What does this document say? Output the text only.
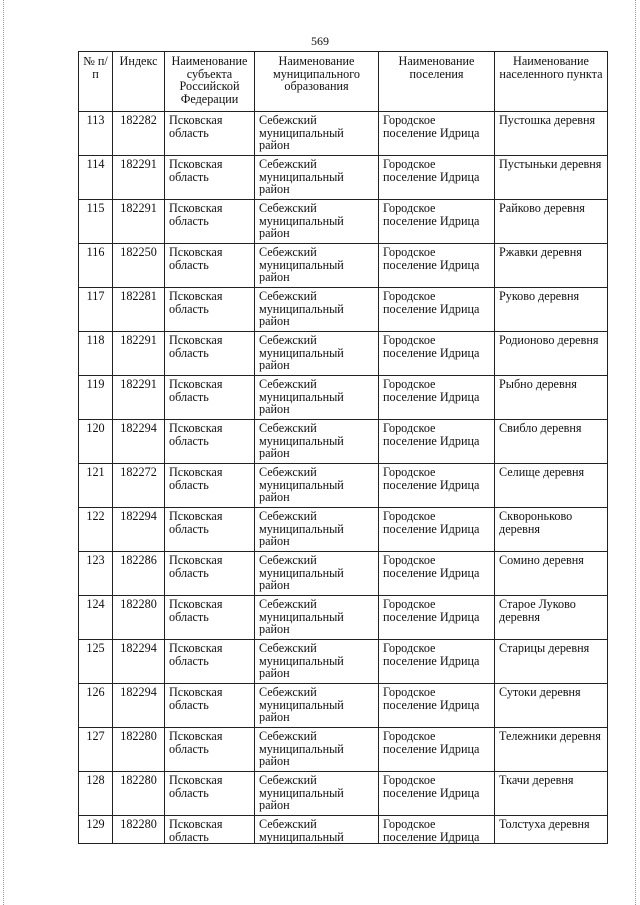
569
№ п/п	Индекс	Наименование субъекта Российской Федерации	Наименование муниципального образования	Наименование поселения	Наименование населенного пункта
113	182282	Псковская область	Себежский муниципальный район	Городское поселение Идрица	Пустошка деревня
114	182291	Псковская область	Себежский муниципальный район	Городское поселение Идрица	Пустыньки деревня
115	182291	Псковская область	Себежский муниципальный район	Городское поселение Идрица	Райково деревня
116	182250	Псковская область	Себежский муниципальный район	Городское поселение Идрица	Ржавки деревня
117	182281	Псковская область	Себежский муниципальный район	Городское поселение Идрица	Руково деревня
118	182291	Псковская область	Себежский муниципальный район	Городское поселение Идрица	Родионово деревня
119	182291	Псковская область	Себежский муниципальный район	Городское поселение Идрица	Рыбно деревня
120	182294	Псковская область	Себежский муниципальный район	Городское поселение Идрица	Свибло деревня
121	182272	Псковская область	Себежский муниципальный район	Городское поселение Идрица	Селище деревня
122	182294	Псковская область	Себежский муниципальный район	Городское поселение Идрица	Сквороньково деревня
123	182286	Псковская область	Себежский муниципальный район	Городское поселение Идрица	Сомино деревня
124	182280	Псковская область	Себежский муниципальный район	Городское поселение Идрица	Старое Луково деревня
125	182294	Псковская область	Себежский муниципальный район	Городское поселение Идрица	Старицы деревня
126	182294	Псковская область	Себежский муниципальный район	Городское поселение Идрица	Сутоки деревня
127	182280	Псковская область	Себежский муниципальный район	Городское поселение Идрица	Тележники деревня
128	182280	Псковская область	Себежский муниципальный район	Городское поселение Идрица	Ткачи деревня
129	182280	Псковская область	Себежский муниципальный	Городское поселение Идрица	Толстуха деревня
